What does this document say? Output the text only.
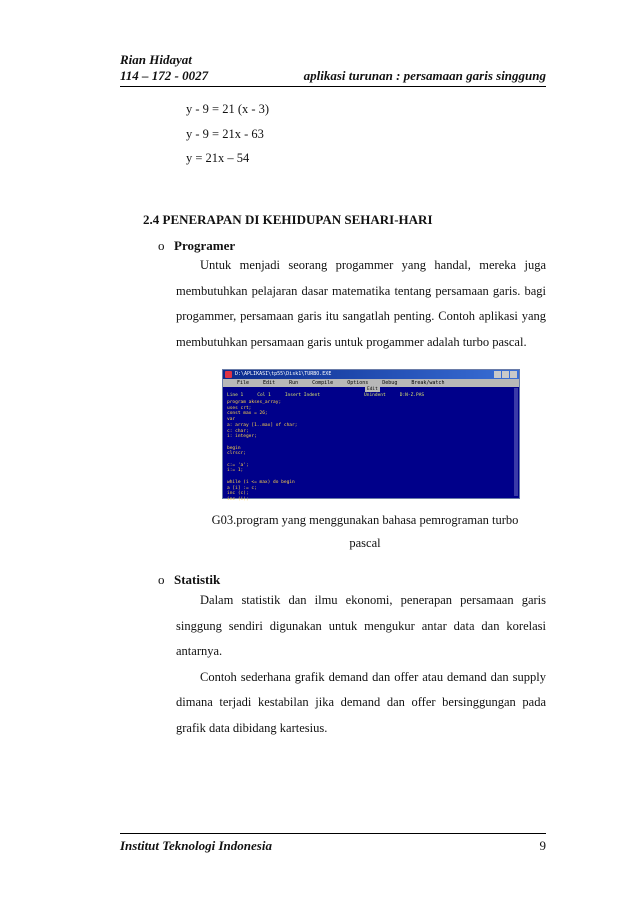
Rian Hidayat
114 – 172 - 0027	aplikasi turunan : persamaan garis singgung
y - 9 = 21 (x - 3)
y - 9 = 21x - 63
y = 21x – 54
2.4 PENERAPAN DI KEHIDUPAN SEHARI-HARI
o Programer

Untuk menjadi seorang progammer yang handal, mereka juga membutuhkan pelajaran dasar matematika tentang persamaan garis. bagi progammer, persamaan garis itu sangatlah penting. Contoh aplikasi yang membutuhkan persamaan garis untuk progammer adalah turbo pascal.

D:\APLIKASI\tp55\Disk1\TURBO.EXE
File	Edit	Run	Compile	Options	Debug	Break/watch
Edit
Line 1	Col 1	Insert Indent	Unindent	D:N-Z.PAS
program akses_array;
uses crt;
const max = 26;
var
a: array [1..max] of char;
c: char;
i: integer;

begin
clrscr;

c:= 'a';
i:= 1;

while (i <= max) do begin
a [i] := c;
inc (c);
inc (i);
G03.program yang menggunakan bahasa pemrograman turbo pascal
o Statistik

Dalam statistik dan ilmu ekonomi, penerapan persamaan garis singgung sendiri digunakan untuk mengukur antar data dan korelasi antarnya.

Contoh sederhana grafik demand dan offer atau demand dan supply dimana terjadi kestabilan jika demand dan offer bersinggungan pada grafik data dibidang kartesius.

Institut Teknologi Indonesia	9
